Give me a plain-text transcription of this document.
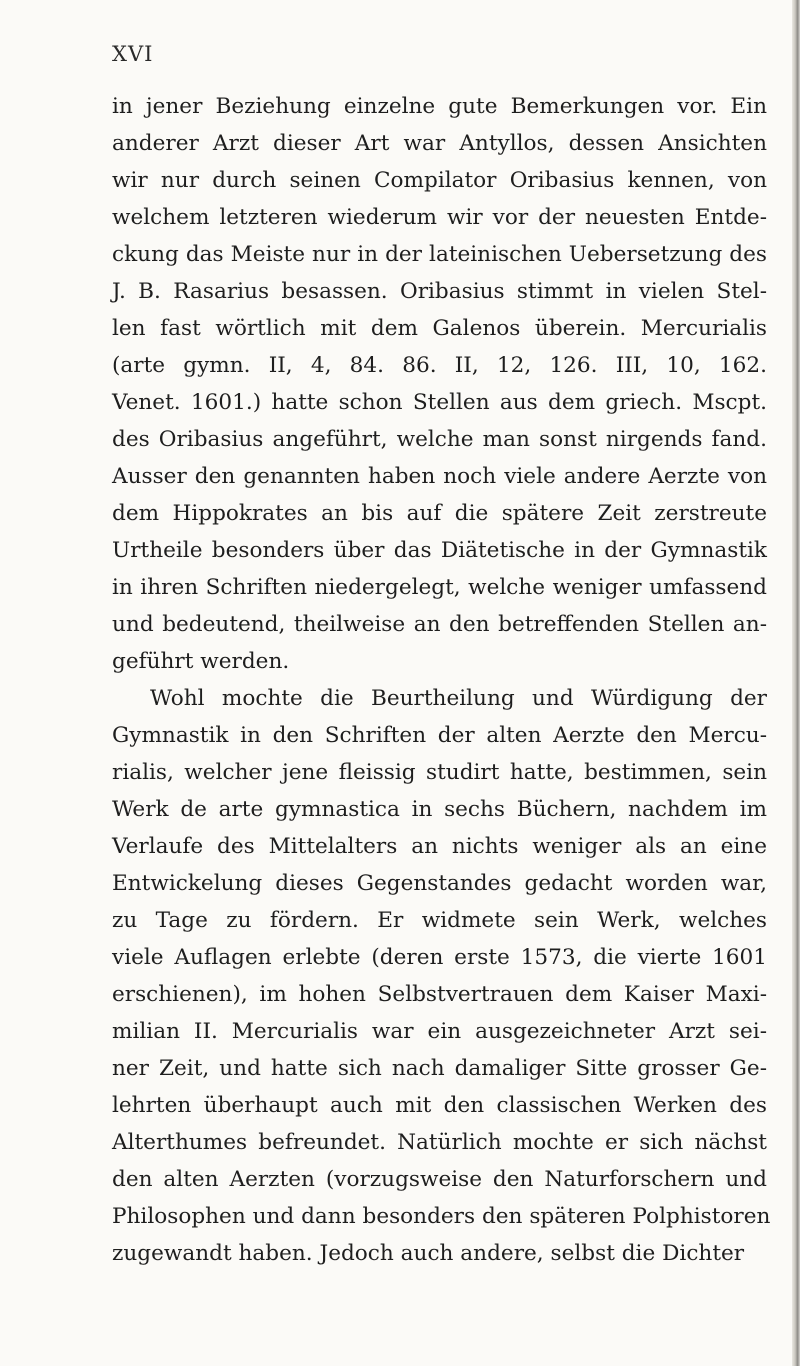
XVI
in jener Beziehung einzelne gute Bemerkungen vor. Ein
anderer Arzt dieser Art war Antyllos, dessen Ansichten
wir nur durch seinen Compilator Oribasius kennen, von
welchem letzteren wiederum wir vor der neuesten Entde-
ckung das Meiste nur in der lateinischen Uebersetzung des
J. B. Rasarius besassen. Oribasius stimmt in vielen Stel-
len fast wörtlich mit dem Galenos überein. Mercurialis
(arte gymn. II, 4, 84. 86. II, 12, 126. III, 10, 162.
Venet. 1601.) hatte schon Stellen aus dem griech. Mscpt.
des Oribasius angeführt, welche man sonst nirgends fand.
Ausser den genannten haben noch viele andere Aerzte von
dem Hippokrates an bis auf die spätere Zeit zerstreute
Urtheile besonders über das Diätetische in der Gymnastik
in ihren Schriften niedergelegt, welche weniger umfassend
und bedeutend, theilweise an den betreffenden Stellen an-
geführt werden.
Wohl mochte die Beurtheilung und Würdigung der
Gymnastik in den Schriften der alten Aerzte den Mercu-
rialis, welcher jene fleissig studirt hatte, bestimmen, sein
Werk de arte gymnastica in sechs Büchern, nachdem im
Verlaufe des Mittelalters an nichts weniger als an eine
Entwickelung dieses Gegenstandes gedacht worden war,
zu Tage zu fördern. Er widmete sein Werk, welches
viele Auflagen erlebte (deren erste 1573, die vierte 1601
erschienen), im hohen Selbstvertrauen dem Kaiser Maxi-
milian II. Mercurialis war ein ausgezeichneter Arzt sei-
ner Zeit, und hatte sich nach damaliger Sitte grosser Ge-
lehrten überhaupt auch mit den classischen Werken des
Alterthumes befreundet. Natürlich mochte er sich nächst
den alten Aerzten (vorzugsweise den Naturforschern und
Philosophen und dann besonders den späteren Polphistoren
zugewandt haben. Jedoch auch andere, selbst die Dichter
